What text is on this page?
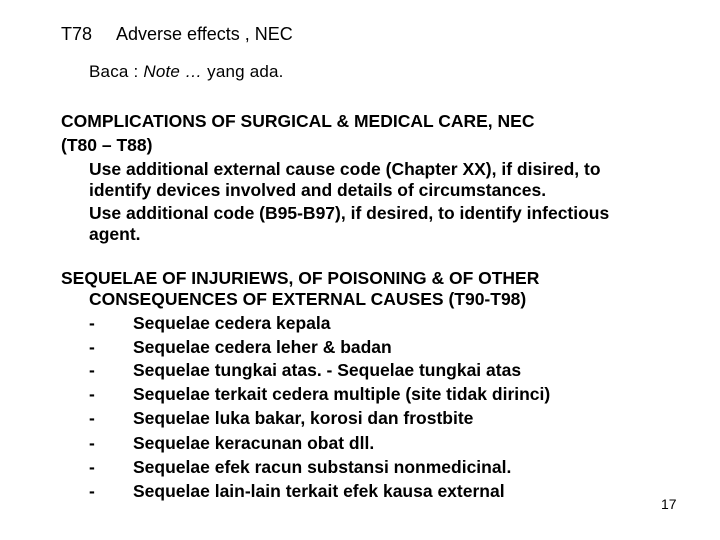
T78 Adverse effects , NEC
Baca : Note … yang ada.
COMPLICATIONS OF SURGICAL & MEDICAL CARE, NEC
(T80 – T88)
Use additional external cause code (Chapter XX), if disired, to
identify devices involved and details of circumstances.
Use additional code (B95-B97), if desired, to identify infectious
agent.
SEQUELAE OF INJURIEWS, OF POISONING & OF OTHER
CONSEQUENCES OF EXTERNAL CAUSES (T90-T98)
- Sequelae cedera kepala
- Sequelae cedera leher & badan
- Sequelae tungkai atas. - Sequelae tungkai atas
- Sequelae terkait cedera multiple (site tidak dirinci)
- Sequelae luka bakar, korosi dan frostbite
- Sequelae keracunan obat dll.
- Sequelae efek racun substansi nonmedicinal.
- Sequelae lain-lain terkait efek kausa external
17
